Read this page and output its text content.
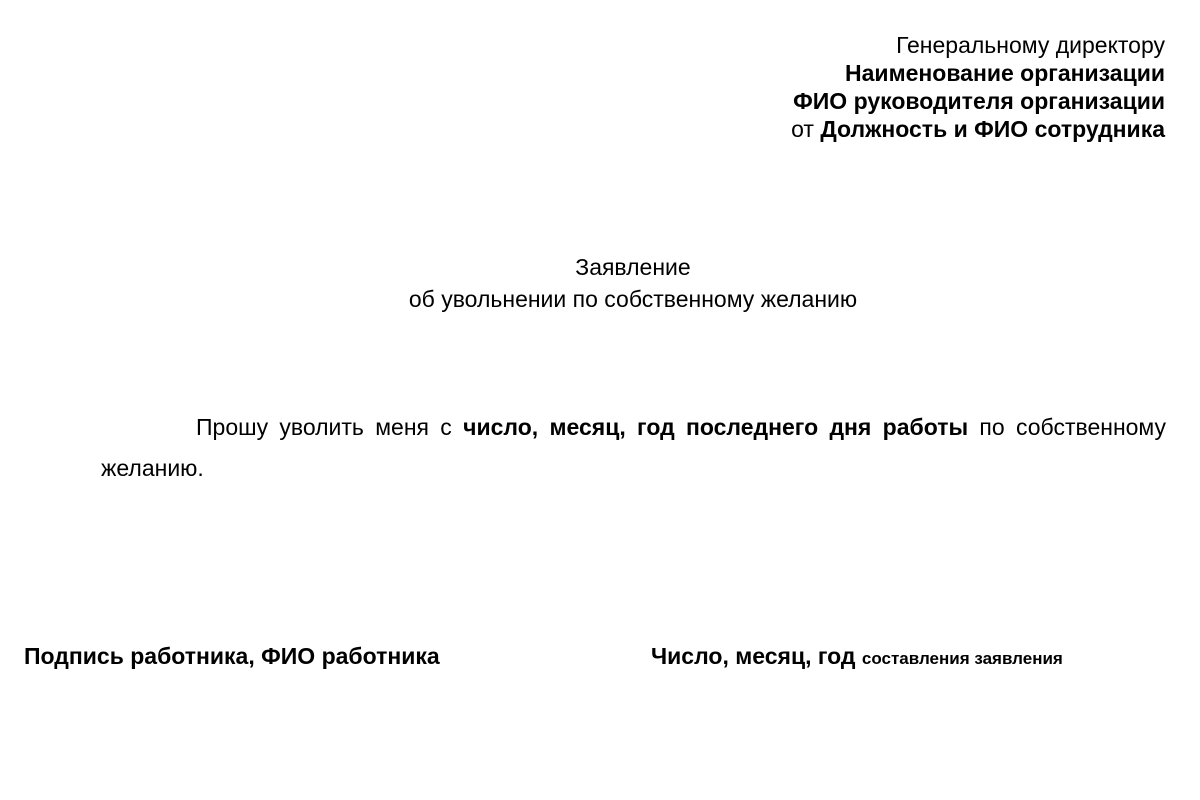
Генеральному директору
Наименование организации
ФИО руководителя организации
от Должность и ФИО сотрудника
Заявление
об увольнении по собственному желанию
Прошу уволить меня с число, месяц, год последнего дня работы по собственному желанию.
Подпись работника, ФИО работника	Число, месяц, год составления заявления
